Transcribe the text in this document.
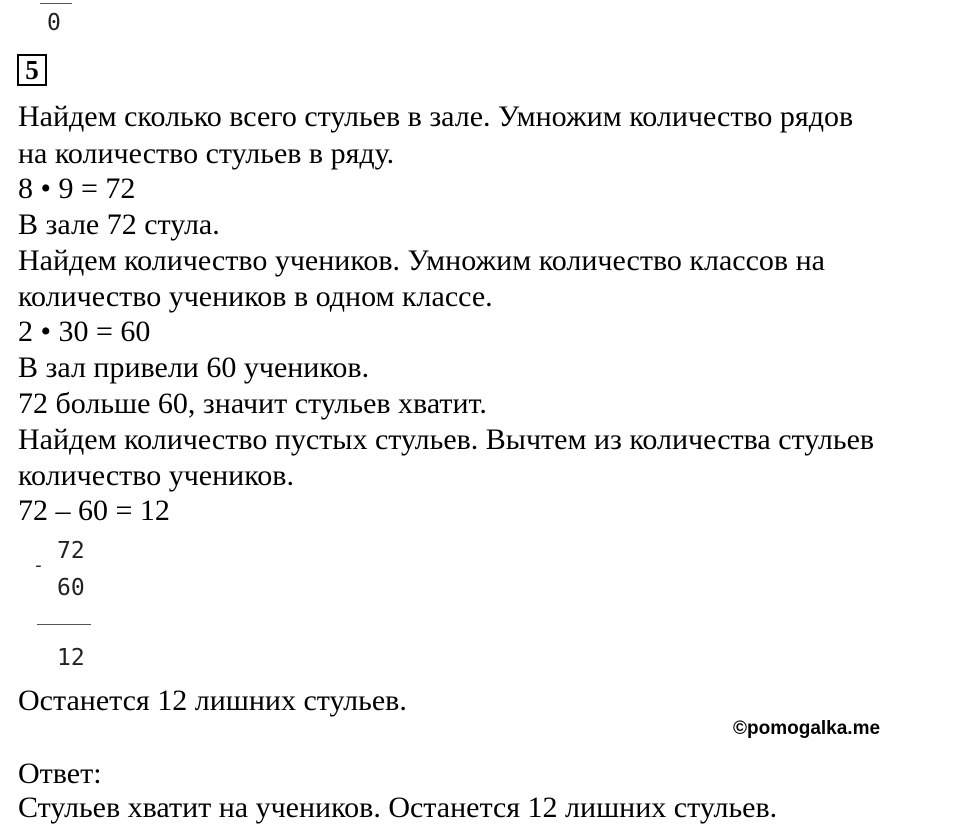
0
5
Найдем сколько всего стульев в зале. Умножим количество рядов
на количество стульев в ряду.
8 • 9 = 72
В зале 72 стула.
Найдем количество учеников. Умножим количество классов на
количество учеников в одном классе.
2 • 30 = 60
В зал привели 60 учеников.
72 больше 60, значит стульев хватит.
Найдем количество пустых стульев. Вычтем из количества стульев
количество учеников.
72 – 60 = 12
-
72
60
12
Останется 12 лишних стульев.
©pomogalka.me
Ответ:
Стульев хватит на учеников. Останется 12 лишних стульев.
